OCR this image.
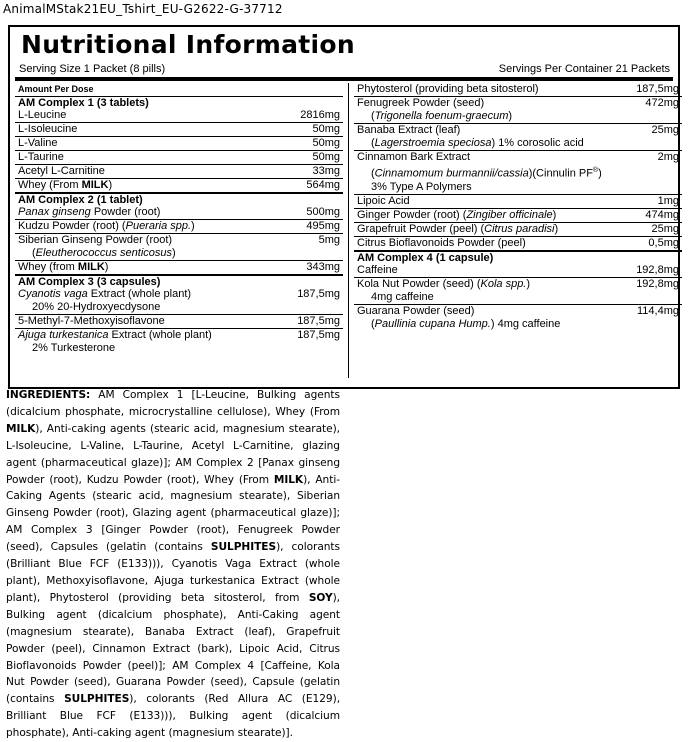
AnimalMStak21EU_Tshirt_EU-G2622-G-37712
Nutritional Information
Serving Size 1 Packet (8 pills)	Servings Per Container 21 Packets
Amount Per Dose
AM Complex 1 (3 tablets)
L-Leucine	2816mg
L-Isoleucine	50mg
L-Valine	50mg
L-Taurine	50mg
Acetyl L-Carnitine	33mg
Whey (From MILK)	564mg
AM Complex 2 (1 tablet)
Panax ginseng Powder (root)	500mg
Kudzu Powder (root) (Pueraria spp.)	495mg
Siberian Ginseng Powder (root)	5mg
(Eleutherococcus senticosus)
Whey (from MILK)	343mg
AM Complex 3 (3 capsules)
Cyanotis vaga Extract (whole plant)	187,5mg
20% 20-Hydroxyecdysone
5-Methyl-7-Methoxyisoflavone	187,5mg
Ajuga turkestanica Extract (whole plant)	187,5mg
2% Turkesterone
Phytosterol (providing beta sitosterol)	187,5mg
Fenugreek Powder (seed)	472mg
(Trigonella foenum-graecum)
Banaba Extract (leaf)	25mg
(Lagerstroemia speciosa) 1% corosolic acid
Cinnamon Bark Extract	2mg
(Cinnamomum burmannii/cassia)(Cinnulin PF®)
3% Type A Polymers
Lipoic Acid	1mg
Ginger Powder (root) (Zingiber officinale)	474mg
Grapefruit Powder (peel) (Citrus paradisi)	25mg
Citrus Bioflavonoids Powder (peel)	0,5mg
AM Complex 4 (1 capsule)
Caffeine	192,8mg
Kola Nut Powder (seed) (Kola spp.)	192,8mg
4mg caffeine
Guarana Powder (seed)	114,4mg
(Paullinia cupana Hump.) 4mg caffeine
INGREDIENTS: AM Complex 1 [L-Leucine, Bulking agents (dicalcium phosphate, microcrystalline cellulose), Whey (From MILK), Anti-caking agents (stearic acid, magnesium stearate), L-Isoleucine, L-Valine, L-Taurine, Acetyl L-Carnitine, glazing agent (pharmaceutical glaze)]; AM Complex 2 [Panax ginseng Powder (root), Kudzu Powder (root), Whey (From MILK), Anti-Caking Agents (stearic acid, magnesium stearate), Siberian Ginseng Powder (root), Glazing agent (pharmaceutical glaze)]; AM Complex 3 [Ginger Powder (root), Fenugreek Powder (seed), Capsules (gelatin (contains SULPHITES), colorants (Brilliant Blue FCF (E133))), Cyanotis Vaga Extract (whole plant), Methoxyisoflavone, Ajuga turkestanica Extract (whole plant), Phytosterol (providing beta sitosterol, from SOY), Bulking agent (dicalcium phosphate), Anti-Caking agent (magnesium stearate), Banaba Extract (leaf), Grapefruit Powder (peel), Cinnamon Extract (bark), Lipoic Acid, Citrus Bioflavonoids Powder (peel)]; AM Complex 4 [Caffeine, Kola Nut Powder (seed), Guarana Powder (seed), Capsule (gelatin (contains SULPHITES), colorants (Red Allura AC (E129), Brilliant Blue FCF (E133))), Bulking agent (dicalcium phosphate), Anti-caking agent (magnesium stearate)].
